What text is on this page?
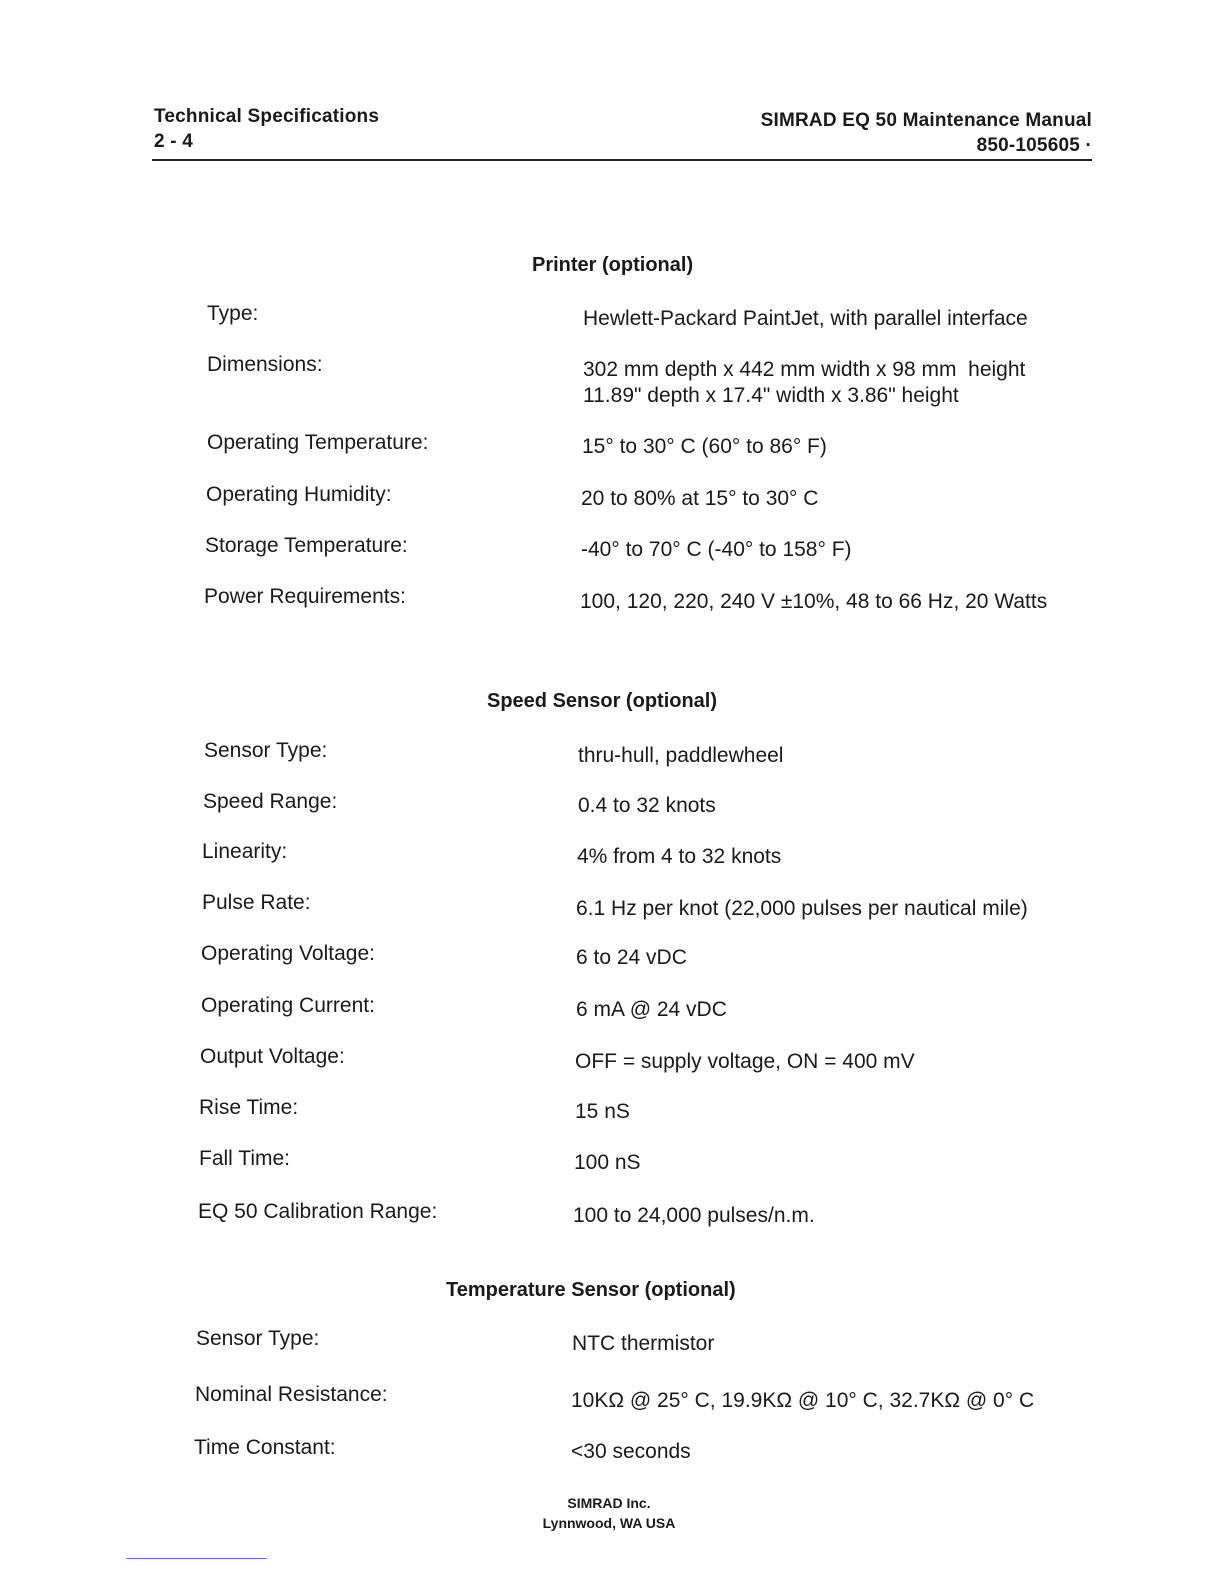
Technical Specifications
2 - 4
SIMRAD EQ 50 Maintenance Manual
850-105605 ·
Printer (optional)
Type:	Hewlett-Packard PaintJet, with parallel interface
Dimensions:	302 mm depth x 442 mm width x 98 mm  height
11.89" depth x 17.4" width x 3.86" height
Operating Temperature:	15° to 30° C (60° to 86° F)
Operating Humidity:	20 to 80% at 15° to 30° C
Storage Temperature:	-40° to 70° C (-40° to 158° F)
Power Requirements:	100, 120, 220, 240 V ±10%, 48 to 66 Hz, 20 Watts
Speed Sensor (optional)
Sensor Type:	thru-hull, paddlewheel
Speed Range:	0.4 to 32 knots
Linearity:	4% from 4 to 32 knots
Pulse Rate:	6.1 Hz per knot (22,000 pulses per nautical mile)
Operating Voltage:	6 to 24 vDC
Operating Current:	6 mA @ 24 vDC
Output Voltage:	OFF = supply voltage, ON = 400 mV
Rise Time:	15 nS
Fall Time:	100 nS
EQ 50 Calibration Range:	100 to 24,000 pulses/n.m.
Temperature Sensor (optional)
Sensor Type:	NTC thermistor
Nominal Resistance:	10KΩ @ 25° C, 19.9KΩ @ 10° C, 32.7KΩ @ 0° C
Time Constant:	<30 seconds
SIMRAD Inc.
Lynnwood, WA USA
